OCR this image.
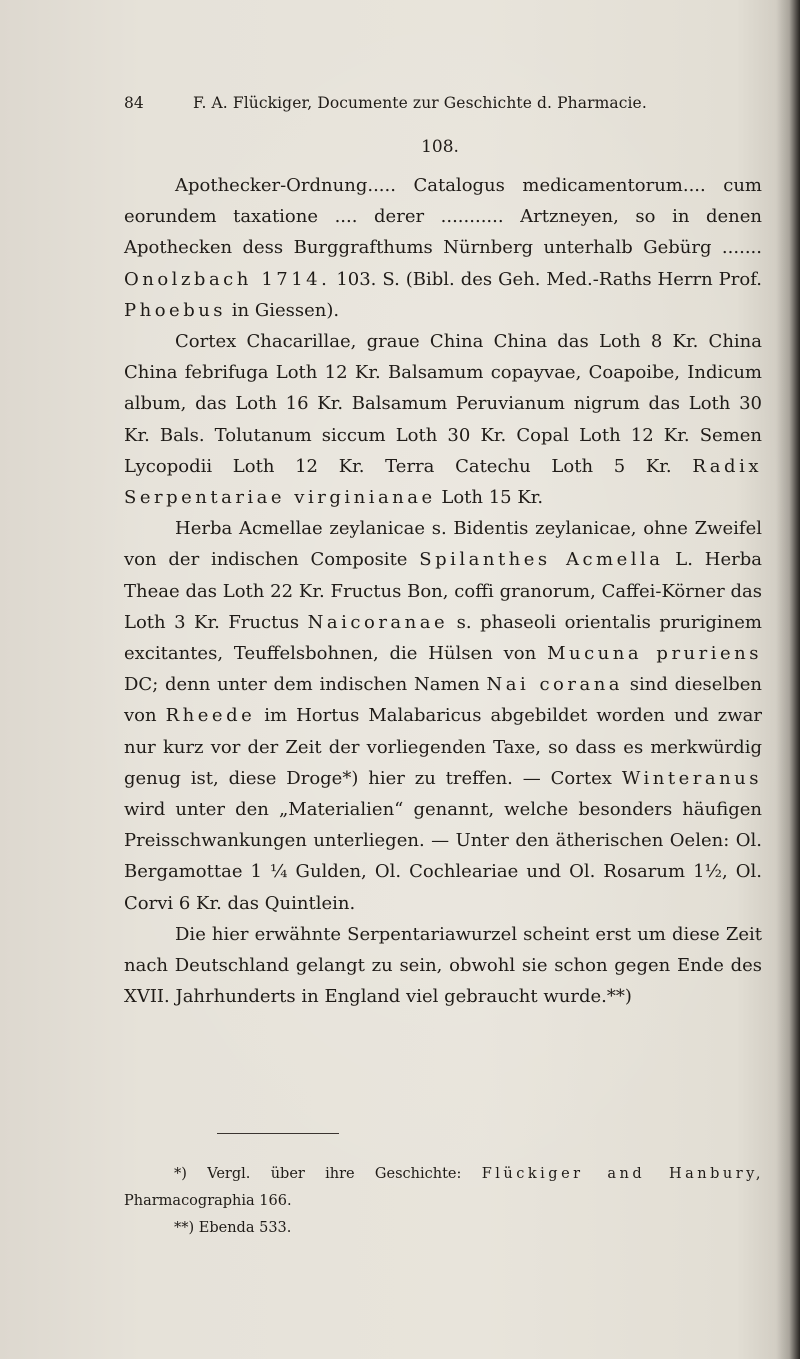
84	F. A. Flückiger, Documente zur Geschichte d. Pharmacie.
108.

Apothecker-Ordnung..... Catalogus medicamentorum.... cum eorundem taxatione .... derer ........... Artzneyen, so in denen Apothecken dess Burggrafthums Nürnberg unterhalb Gebürg ....... Onolzbach 1714. 103. S. (Bibl. des Geh. Med.-Raths Herrn Prof. Phoebus in Giessen).

Cortex Chacarillae, graue China China das Loth 8 Kr. China China febrifuga Loth 12 Kr. Balsamum copayvae, Coapoibe, Indicum album, das Loth 16 Kr. Balsamum Peruvianum nigrum das Loth 30 Kr. Bals. Tolutanum siccum Loth 30 Kr. Copal Loth 12 Kr. Semen Lycopodii Loth 12 Kr. Terra Catechu Loth 5 Kr. Radix Serpentariae virginianae Loth 15 Kr.

Herba Acmellae zeylanicae s. Bidentis zeylanicae, ohne Zweifel von der indischen Composite Spilanthes Acmella L. Herba Theae das Loth 22 Kr. Fructus Bon, coffi granorum, Caffei-Körner das Loth 3 Kr. Fructus Naicoranae s. phaseoli orientalis pruriginem excitantes, Teuffelsbohnen, die Hülsen von Mucuna pruriens DC; denn unter dem indischen Namen Nai corana sind dieselben von Rheede im Hortus Malabaricus abgebildet worden und zwar nur kurz vor der Zeit der vorliegenden Taxe, so dass es merkwürdig genug ist, diese Droge*) hier zu treffen. — Cortex Winteranus wird unter den „Materialien“ genannt, welche besonders häufigen Preisschwankungen unterliegen. — Unter den ätherischen Oelen: Ol. Bergamottae 1 ¼ Gulden, Ol. Cochleariae und Ol. Rosarum 1½, Ol. Corvi 6 Kr. das Quintlein.

Die hier erwähnte Serpentariawurzel scheint erst um diese Zeit nach Deutschland gelangt zu sein, obwohl sie schon gegen Ende des XVII. Jahrhunderts in England viel gebraucht wurde.**)

*) Vergl. über ihre Geschichte: Flückiger and Hanbury, Pharmacographia 166.

**) Ebenda 533.
